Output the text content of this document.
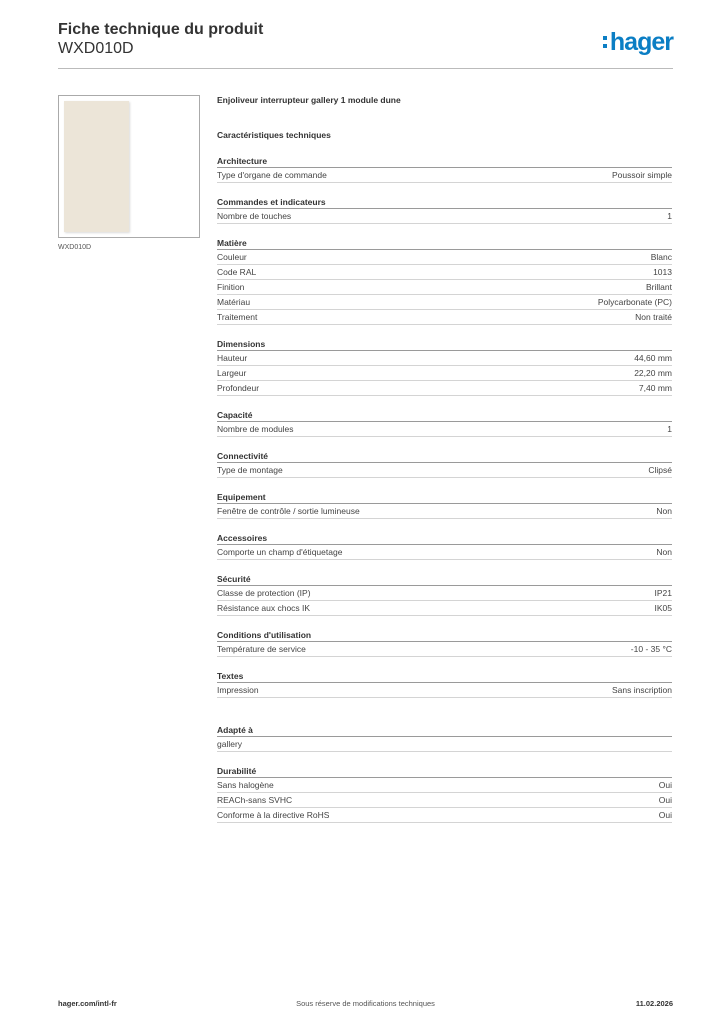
Fiche technique du produit
WXD010D	hager
WXD010D
Enjoliveur interrupteur gallery 1 module dune
Caractéristiques techniques
Architecture
Type d'organe de commande	Poussoir simple
Commandes et indicateurs
Nombre de touches	1
Matière
Couleur	Blanc
Code RAL	1013
Finition	Brillant
Matériau	Polycarbonate (PC)
Traitement	Non traité
Dimensions
Hauteur	44,60 mm
Largeur	22,20 mm
Profondeur	7,40 mm
Capacité
Nombre de modules	1
Connectivité
Type de montage	Clipsé
Equipement
Fenêtre de contrôle / sortie lumineuse	Non
Accessoires
Comporte un champ d'étiquetage	Non
Sécurité
Classe de protection (IP)	IP21
Résistance aux chocs IK	IK05
Conditions d'utilisation
Température de service	-10 - 35 °C
Textes
Impression	Sans inscription
Adapté à
gallery
Durabilité
Sans halogène	Oui
REACh-sans SVHC	Oui
Conforme à la directive RoHS	Oui
hager.com/intl-fr	Sous réserve de modifications techniques	11.02.2026
